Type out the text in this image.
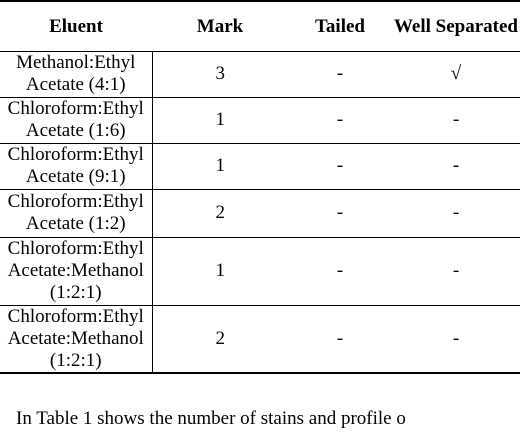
Eluent	Mark	Tailed	Well Separated
Methanol:Ethyl
Acetate (4:1)	3	-	√
Chloroform:Ethyl
Acetate (1:6)	1	-	-
Chloroform:Ethyl
Acetate (9:1)	1	-	-
Chloroform:Ethyl
Acetate (1:2)	2	-	-
Chloroform:Ethyl
Acetate:Methanol
(1:2:1)	1	-	-
Chloroform:Ethyl
Acetate:Methanol
(1:2:1)	2	-	-
In Table 1 shows the number of stains and profile o
